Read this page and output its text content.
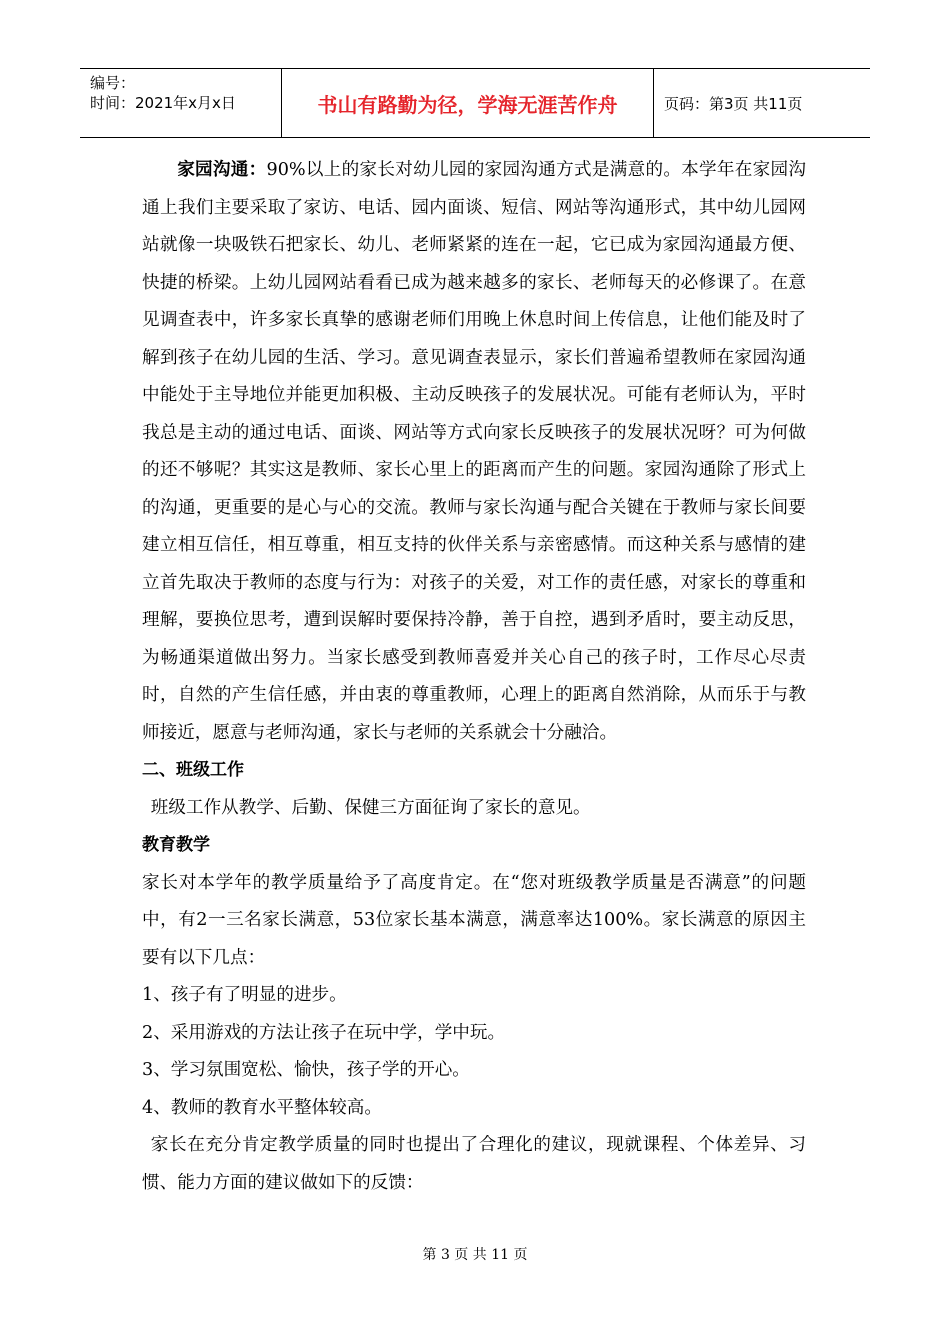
编号：
时间：2021年x月x日	书山有路勤为径，学海无涯苦作舟	页码：第3页 共11页

家园沟通：90%以上的家长对幼儿园的家园沟通方式是满意的。本学年在家园沟通上我们主要采取了家访、电话、园内面谈、短信、网站等沟通形式，其中幼儿园网站就像一块吸铁石把家长、幼儿、老师紧紧的连在一起，它已成为家园沟通最方便、快捷的桥梁。上幼儿园网站看看已成为越来越多的家长、老师每天的必修课了。在意见调查表中，许多家长真挚的感谢老师们用晚上休息时间上传信息，让他们能及时了解到孩子在幼儿园的生活、学习。意见调查表显示，家长们普遍希望教师在家园沟通中能处于主导地位并能更加积极、主动反映孩子的发展状况。可能有老师认为，平时我总是主动的通过电话、面谈、网站等方式向家长反映孩子的发展状况呀？可为何做的还不够呢？其实这是教师、家长心里上的距离而产生的问题。家园沟通除了形式上的沟通，更重要的是心与心的交流。教师与家长沟通与配合关键在于教师与家长间要建立相互信任，相互尊重，相互支持的伙伴关系与亲密感情。而这种关系与感情的建立首先取决于教师的态度与行为：对孩子的关爱，对工作的责任感，对家长的尊重和理解，要换位思考，遭到误解时要保持冷静，善于自控，遇到矛盾时，要主动反思，为畅通渠道做出努力。当家长感受到教师喜爱并关心自己的孩子时，工作尽心尽责时，自然的产生信任感，并由衷的尊重教师，心理上的距离自然消除，从而乐于与教师接近，愿意与老师沟通，家长与老师的关系就会十分融洽。

二、班级工作

班级工作从教学、后勤、保健三方面征询了家长的意见。

教育教学

家长对本学年的教学质量给予了高度肯定。在“您对班级教学质量是否满意”的问题中，有2一三名家长满意，53位家长基本满意，满意率达100%。家长满意的原因主要有以下几点：

1、孩子有了明显的进步。

2、采用游戏的方法让孩子在玩中学，学中玩。

3、学习氛围宽松、愉快，孩子学的开心。

4、教师的教育水平整体较高。

家长在充分肯定教学质量的同时也提出了合理化的建议，现就课程、个体差异、习惯、能力方面的建议做如下的反馈：

第 3 页 共 11 页
